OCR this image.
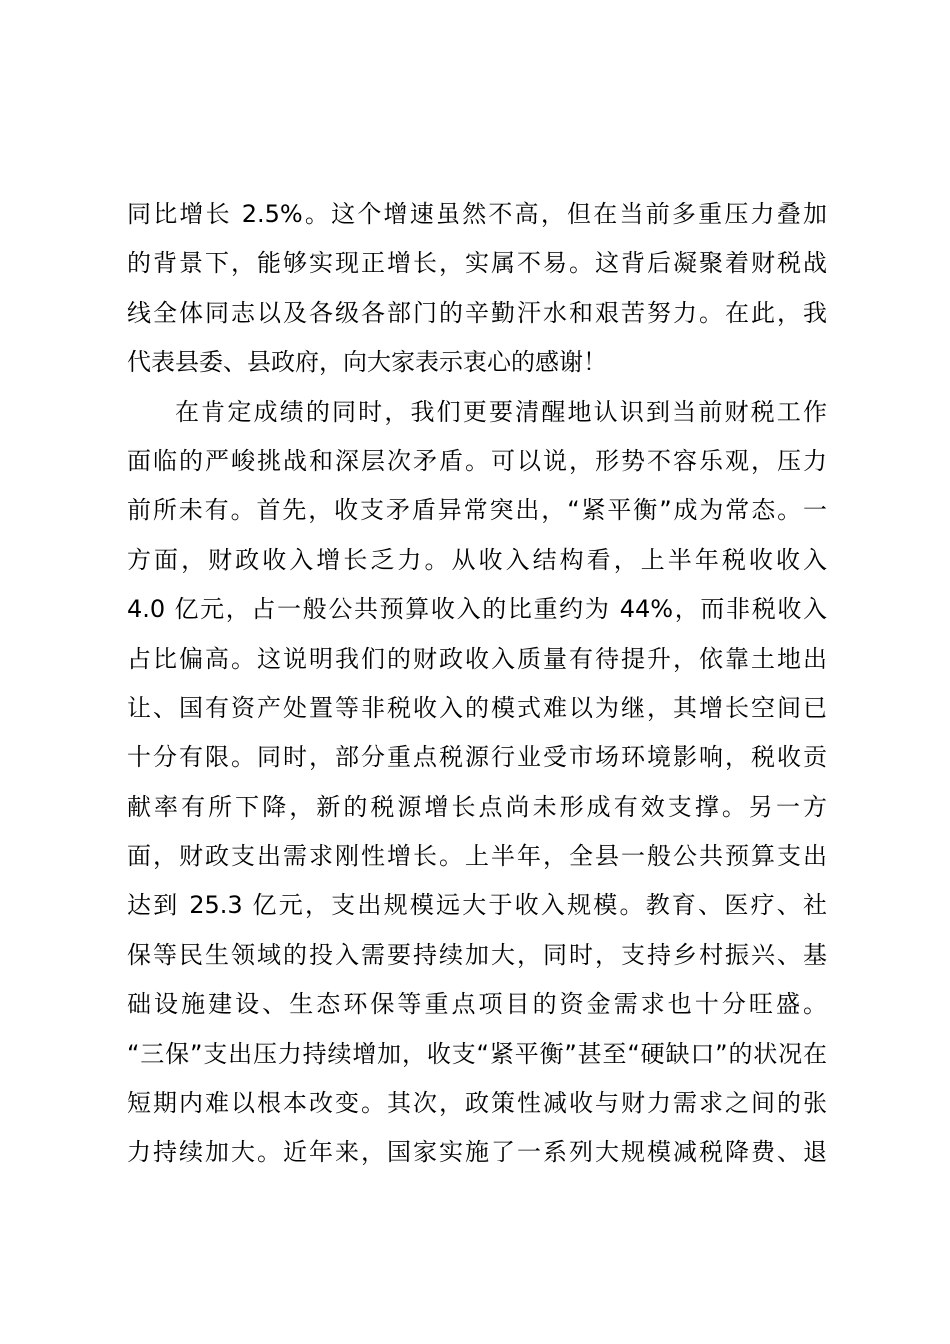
同比增长 2.5%。这个增速虽然不高，但在当前多重压力叠加
的背景下，能够实现正增长，实属不易。这背后凝聚着财税战
线全体同志以及各级各部门的辛勤汗水和艰苦努力。在此，我
代表县委、县政府，向大家表示衷心的感谢！
在肯定成绩的同时，我们更要清醒地认识到当前财税工作
面临的严峻挑战和深层次矛盾。可以说，形势不容乐观，压力
前所未有。首先，收支矛盾异常突出，“紧平衡”成为常态。一
方面，财政收入增长乏力。从收入结构看，上半年税收收入
4.0 亿元，占一般公共预算收入的比重约为 44%，而非税收入
占比偏高。这说明我们的财政收入质量有待提升，依靠土地出
让、国有资产处置等非税收入的模式难以为继，其增长空间已
十分有限。同时，部分重点税源行业受市场环境影响，税收贡
献率有所下降，新的税源增长点尚未形成有效支撑。另一方
面，财政支出需求刚性增长。上半年，全县一般公共预算支出
达到 25.3 亿元，支出规模远大于收入规模。教育、医疗、社
保等民生领域的投入需要持续加大，同时，支持乡村振兴、基
础设施建设、生态环保等重点项目的资金需求也十分旺盛。
“三保”支出压力持续增加，收支“紧平衡”甚至“硬缺口”的状况在
短期内难以根本改变。其次，政策性减收与财力需求之间的张
力持续加大。近年来，国家实施了一系列大规模减税降费、退
